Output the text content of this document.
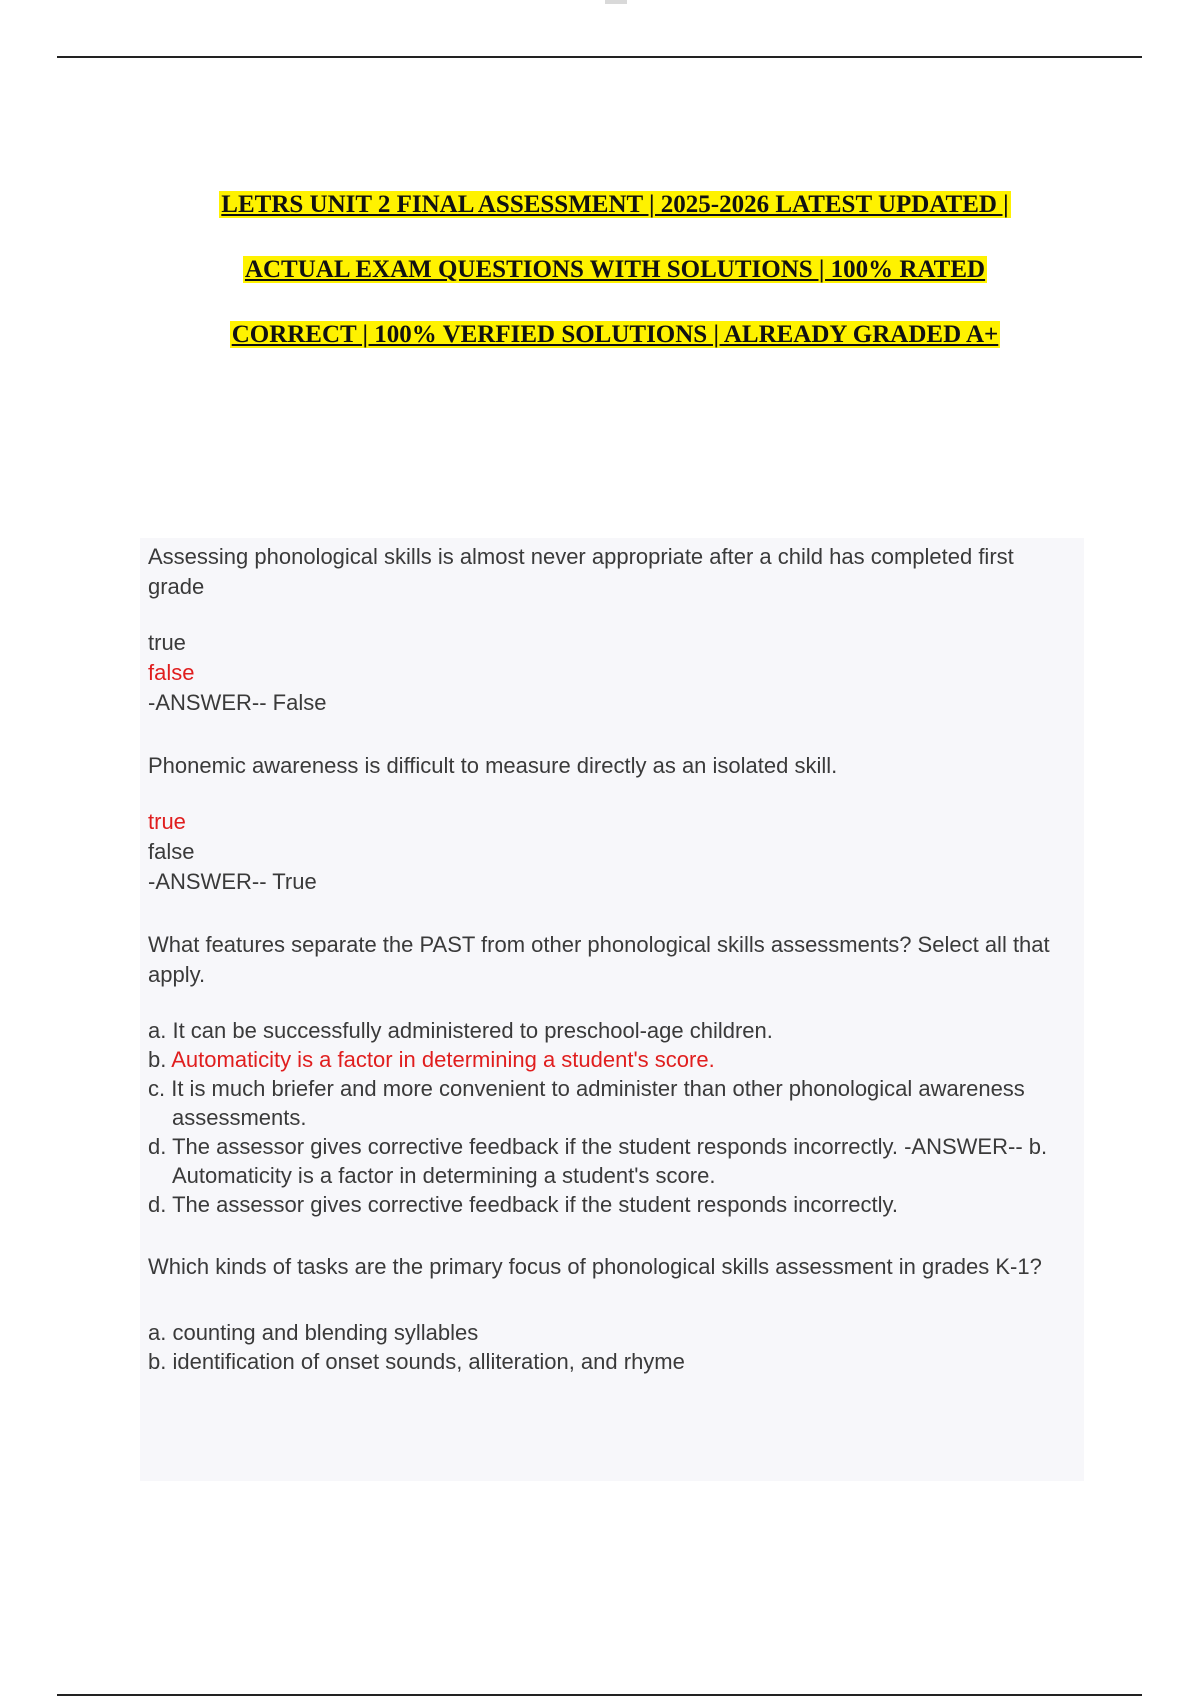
LETRS UNIT 2 FINAL ASSESSMENT | 2025-2026 LATEST UPDATED |
ACTUAL EXAM QUESTIONS WITH SOLUTIONS | 100% RATED
CORRECT | 100% VERFIED SOLUTIONS | ALREADY GRADED A+

Assessing phonological skills is almost never appropriate after a child has completed first grade

true

false

-ANSWER-- False

Phonemic awareness is difficult to measure directly as an isolated skill.

true

false

-ANSWER-- True

What features separate the PAST from other phonological skills assessments? Select all that apply.

a. It can be successfully administered to preschool-age children.
b. Automaticity is a factor in determining a student's score.
c. It is much briefer and more convenient to administer than other phonological awareness assessments.
d. The assessor gives corrective feedback if the student responds incorrectly. -ANSWER-- b. Automaticity is a factor in determining a student's score.
d. The assessor gives corrective feedback if the student responds incorrectly.

Which kinds of tasks are the primary focus of phonological skills assessment in grades K-1?

a. counting and blending syllables
b. identification of onset sounds, alliteration, and rhyme
